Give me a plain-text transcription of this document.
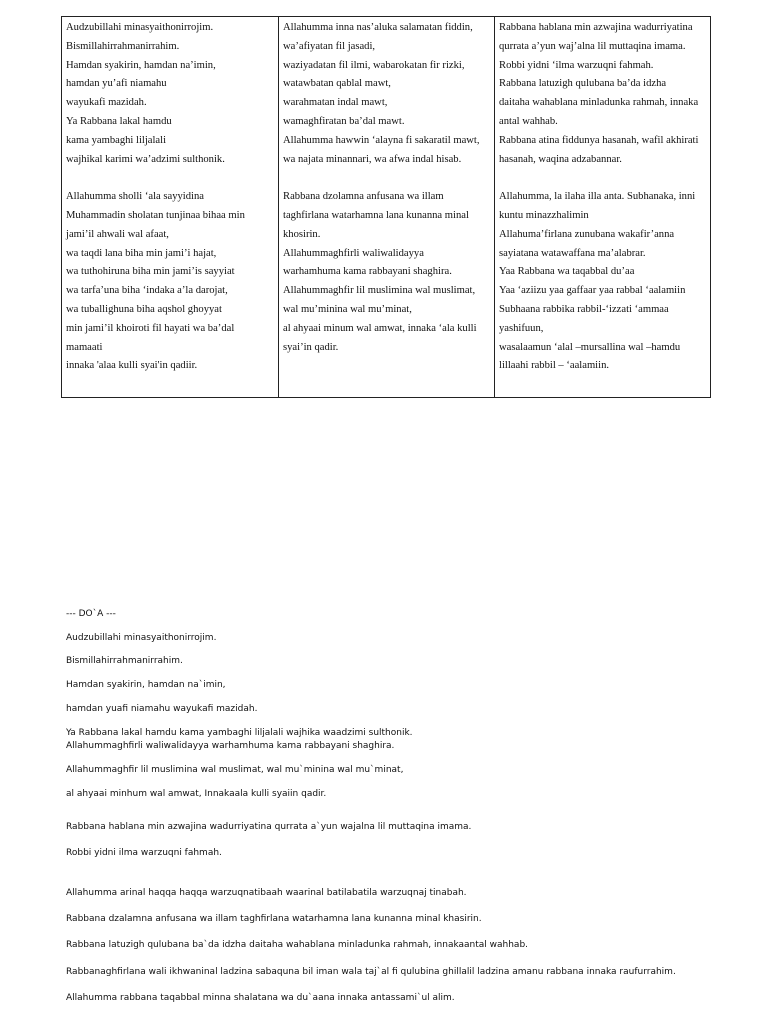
Audzubillahi minasyaithonirrojim.
Bismillahirrahmanirrahim.
Hamdan syakirin, hamdan na’imin,
hamdan yu’afi niamahu
wayukafi mazidah.
Ya Rabbana lakal hamdu
kama yambaghi liljalali
wajhikal karimi wa’adzimi sulthonik.
Allahumma sholli ‘ala sayyidina
Muhammadin sholatan tunjinaa bihaa min
jami’il ahwali wal afaat,
wa taqdi lana biha min jami’i hajat,
wa tuthohiruna biha min jami’is sayyiat
wa tarfa’una biha ‘indaka a’la darojat,
wa tuballighuna biha aqshol ghoyyat
min jami’il khoiroti fil hayati wa ba’dal
mamaati
innaka 'alaa kulli syai'in qadiir.
Allahumma inna nas’aluka salamatan fiddin,
wa’afiyatan fil jasadi,
waziyadatan fil ilmi, wabarokatan fir rizki,
watawbatan qablal mawt,
warahmatan indal mawt,
wamaghfiratan ba’dal mawt.
Allahumma hawwin ‘alayna fi sakaratil mawt,
wa najata minannari, wa afwa indal hisab.
Rabbana dzolamna anfusana wa illam
taghfirlana watarhamna lana kunanna minal
khosirin.
Allahummaghfirli waliwalidayya
warhamhuma kama rabbayani shaghira.
Allahummaghfir lil muslimina wal muslimat,
wal mu’minina wal mu’minat,
al ahyaai minum wal amwat, innaka ‘ala kulli
syai’in qadir.
Rabbana hablana min azwajina wadurriyatina
qurrata a’yun waj’alna lil muttaqina imama.
Robbi yidni ‘ilma warzuqni fahmah.
Rabbana latuzigh qulubana ba’da idzha
daitaha wahablana minladunka rahmah, innaka
antal wahhab.
Rabbana atina fiddunya hasanah, wafil akhirati
hasanah, waqina adzabannar.
Allahumma, la ilaha illa anta. Subhanaka, inni
kuntu minazzhalimin
Allahuma’firlana zunubana wakafir’anna
sayiatana watawaffana ma’alabrar.
Yaa Rabbana wa taqabbal du’aa
Yaa ‘aziizu yaa gaffaar yaa rabbal ‘aalamiin
Subhaana rabbika rabbil-‘izzati ‘ammaa
yashifuun,
wasalaamun ‘alal –mursallina wal –hamdu
lillaahi rabbil – ‘aalamiin.
--- DO`A ---
Audzubillahi minasyaithonirrojim.
Bismillahirrahmanirrahim.
Hamdan syakirin, hamdan na`imin,
hamdan yuafi niamahu wayukafi mazidah.
Ya Rabbana lakal hamdu kama yambaghi liljalali wajhika waadzimi sulthonik.
Allahummaghfirli waliwalidayya warhamhuma kama rabbayani shaghira.
Allahummaghfir lil muslimina wal muslimat, wal mu`minina wal mu`minat,
al ahyaai minhum wal amwat, Innakaala kulli syaiin qadir.
Rabbana hablana min azwajina wadurriyatina qurrata a`yun wajalna lil muttaqina imama.
Robbi yidni ilma warzuqni fahmah.
Allahumma arinal haqqa haqqa warzuqnatibaah waarinal batilabatila warzuqnaj tinabah.
Rabbana dzalamna anfusana wa illam taghfirlana watarhamna lana kunanna minal khasirin.
Rabbana latuzigh qulubana ba`da idzha daitaha wahablana minladunka rahmah, innakaantal wahhab.
Rabbanaghfirlana wali ikhwaninal ladzina sabaquna bil iman wala taj`al fi qulubina ghillalil ladzina amanu rabbana innaka raufurrahim.
Allahumma rabbana taqabbal minna shalatana wa du`aana innaka antassami`ul alim.
